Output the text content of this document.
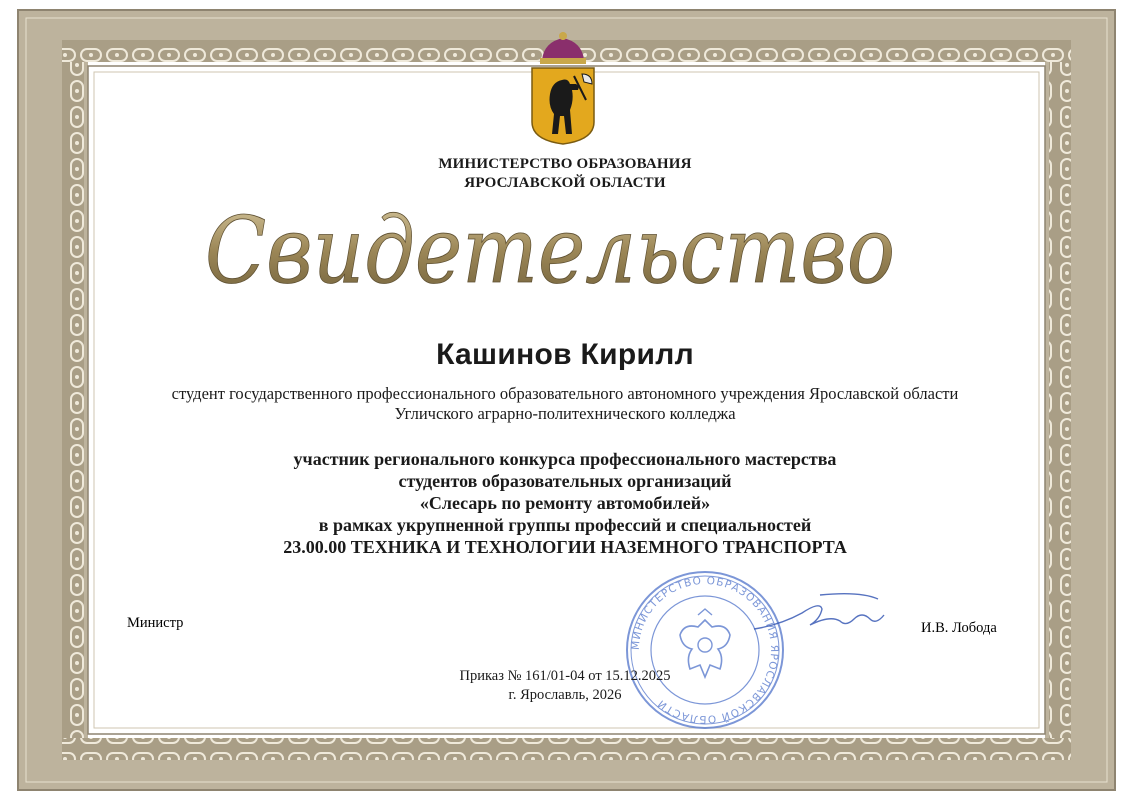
МИНИСТЕРСТВО ОБРАЗОВАНИЯ
ЯРОСЛАВСКОЙ ОБЛАСТИ
Свидетельство
Кашинов Кирилл
студент государственного профессионального образовательного автономного учреждения Ярославской области
Угличского аграрно-политехнического колледжа
участник регионального конкурса профессионального мастерства
студентов образовательных организаций
«Слесарь по ремонту автомобилей»
в рамках укрупненной группы профессий и специальностей
23.00.00 ТЕХНИКА И ТЕХНОЛОГИИ НАЗЕМНОГО ТРАНСПОРТА
МИНИСТЕРСТВО ОБРАЗОВАНИЯ ЯРОСЛАВСКОЙ ОБЛАСТИ
Министр	И.В. Лобода
Приказ № 161/01-04 от 15.12.2025
г. Ярославль, 2026
